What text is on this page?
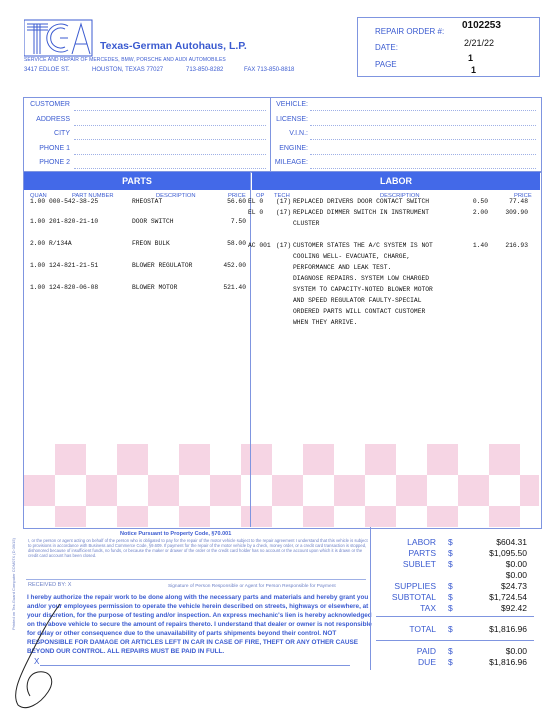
Texas-German Autohaus, L.P.
SERVICE AND REPAIR OF MERCEDES, BMW, PORSCHE AND AUDI AUTOMOBILES
3417 EDLOE ST.	HOUSTON, TEXAS 77027	713-850-8282	FAX 713-850-8818
REPAIR ORDER #:
0102253
DATE:	2/21/22
PAGE
1
1
CUSTOMER
ADDRESS
CITY
PHONE 1
PHONE 2
VEHICLE:
LICENSE:
V.I.N.:
ENGINE:
MILEAGE:
PARTS	LABOR
QUAN	PART NUMBER	DESCRIPTION	PRICE OP TECH	DESCRIPTION	PRICE
1.00 000-542-38-25	RHEOSTAT	56.60
1.00 201-820-21-10	DOOR SWITCH	7.50
2.00 R/134A	FREON BULK	58.00
1.00 124-821-21-51	BLOWER REGULATOR	452.00
1.00 124-820-06-08	BLOWER MOTOR	521.40
EL 0 (17) REPLACED DRIVERS DOOR CONTACT SWITCH	0.50	77.48
EL 0 (17) REPLACED DIMMER SWITCH IN INSTRUMENT	2.00	309.90
CLUSTER
AC 001 (17) CUSTOMER STATES THE A/C SYSTEM IS NOT	1.40	216.93
COOLING WELL- EVACUATE, CHARGE,
PERFORMANCE AND LEAK TEST.
DIAGNOSE REPAIRS. SYSTEM LOW CHARGED
SYSTEM TO CAPACITY-NOTED BLOWER MOTOR
AND SPEED REGULATOR FAULTY-SPECIAL
ORDERED PARTS WILL CONTACT CUSTOMER
WHEN THEY ARRIVE.
Notice Pursuant to Property Code, §70.001
I, or the person or agent acting on behalf of the person who is obligated to pay for the repair of the motor vehicle subject to the repair agreement I understand that this vehicle is subject to provisions in accordance with Business and Commerce Code, §9.609. If payment for the repair of the motor vehicle by a check, money order, or a credit card transaction is stopped, dishonored because of insufficient funds, no funds, or because the maker or drawer of the order or the credit card holder has no account or the account upon which it is drawn or the credit card account has been closed.
RECEIVED BY: X	Signature of Person Responsible or Agent for Person Responsible for Payment
I hereby authorize the repair work to be done along with the necessary parts and materials and hereby grant you and/or your employees permission to operate the vehicle herein described on streets, highways or elsewhere, at your discretion, for the purpose of testing and/or inspection. An express mechanic's lien is hereby acknowledged on the above vehicle to secure the amount of repairs thereto. I understand that dealer or owner is not responsible for delay or other consequence due to the unavailability of parts shipments beyond their control. NOT RESPONSIBLE FOR DAMAGE OR ARTICLES LEFT IN CAR IN CASE OF FIRE, THEFT OR ANY OTHER CAUSE BEYOND OUR CONTROL. ALL REPAIRS MUST BE PAID IN FULL.
X
Printed on Tex-Guard Computer COM07X (D 09/15)	LABOR $	$604.31
PARTS $	$1,095.50
SUBLET $	$0.00
$0.00
SUPPLIES $	$24.73
SUBTOTAL $	$1,724.54
TAX $	$92.42
TOTAL $	$1,816.96
PAID $	$0.00
DUE $	$1,816.96
